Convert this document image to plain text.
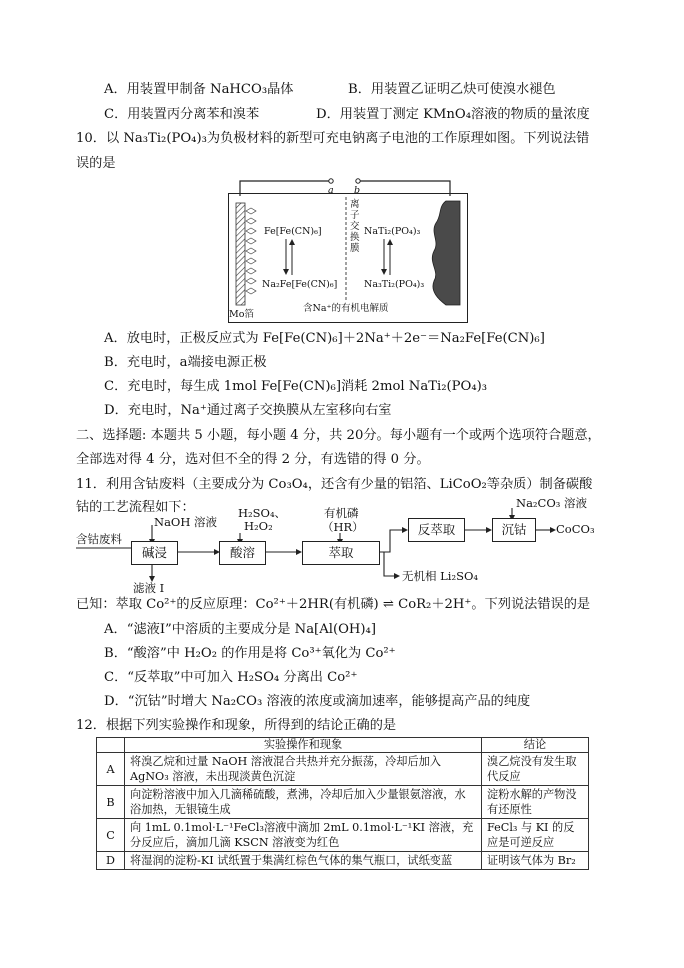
A．用装置甲制备 NaHCO₃晶体	B．用装置乙证明乙炔可使溴水褪色
C．用装置丙分离苯和溴苯	D．用装置丁测定 KMnO₄溶液的物质的量浓度
10．以 Na₃Ti₂(PO₄)₃为负极材料的新型可充电钠离子电池的工作原理如图。下列说法错
误的是
a b
Fe[Fe(CN)₆]
Na₂Fe[Fe(CN)₆]
NaTi₂(PO₄)₃
Na₃Ti₂(PO₄)₃
离
子
交
换
膜
Mo箔
含Na⁺的有机电解质
A．放电时，正极反应式为 Fe[Fe(CN)₆]＋2Na⁺＋2e⁻＝Na₂Fe[Fe(CN)₆]
B．充电时，a端接电源正极
C．充电时，每生成 1mol Fe[Fe(CN)₆]消耗 2mol NaTi₂(PO₄)₃
D．充电时，Na⁺通过离子交换膜从左室移向右室
二、选择题: 本题共 5 小题，每小题 4 分，共 20分。每小题有一个或两个选项符合题意，
全部选对得 4 分，选对但不全的得 2 分，有选错的得 0 分。
11．利用含钴废料（主要成分为 Co₃O₄，还含有少量的铝箔、LiCoO₂等杂质）制备碳酸
钴的工艺流程如下：
含钴废料
碱浸
NaOH 溶液
滤液 I
酸溶
H₂SO₄、
H₂O₂
萃取
有机磷
（HR）	反萃取	沉钴
Na₂CO₃ 溶液
CoCO₃
无机相 Li₂SO₄
已知：萃取 Co²⁺的反应原理：Co²⁺＋2HR(有机磷) ⇌ CoR₂＋2H⁺。下列说法错误的是
A．“滤液Ⅰ”中溶质的主要成分是 Na[Al(OH)₄]
B．“酸溶”中 H₂O₂ 的作用是将 Co³⁺氧化为 Co²⁺
C．“反萃取”中可加入 H₂SO₄ 分离出 Co²⁺
D．“沉钴”时增大 Na₂CO₃ 溶液的浓度或滴加速率，能够提高产品的纯度
12．根据下列实验操作和现象，所得到的结论正确的是
	实验操作和现象	结论
A	将溴乙烷和过量 NaOH 溶液混合共热并充分振荡，冷却后加入AgNO₃ 溶液，未出现淡黄色沉淀	溴乙烷没有发生取代反应
B	向淀粉溶液中加入几滴稀硫酸，煮沸，冷却后加入少量银氨溶液，水浴加热，无银镜生成	淀粉水解的产物没有还原性
C	向 1mL 0.1mol·L⁻¹FeCl₃溶液中滴加 2mL 0.1mol·L⁻¹KI 溶液，充分反应后，滴加几滴 KSCN 溶液变为红色	FeCl₃ 与 KI 的反应是可逆反应
D	将湿润的淀粉-KI 试纸置于集满红棕色气体的集气瓶口，试纸变蓝	证明该气体为 Br₂
